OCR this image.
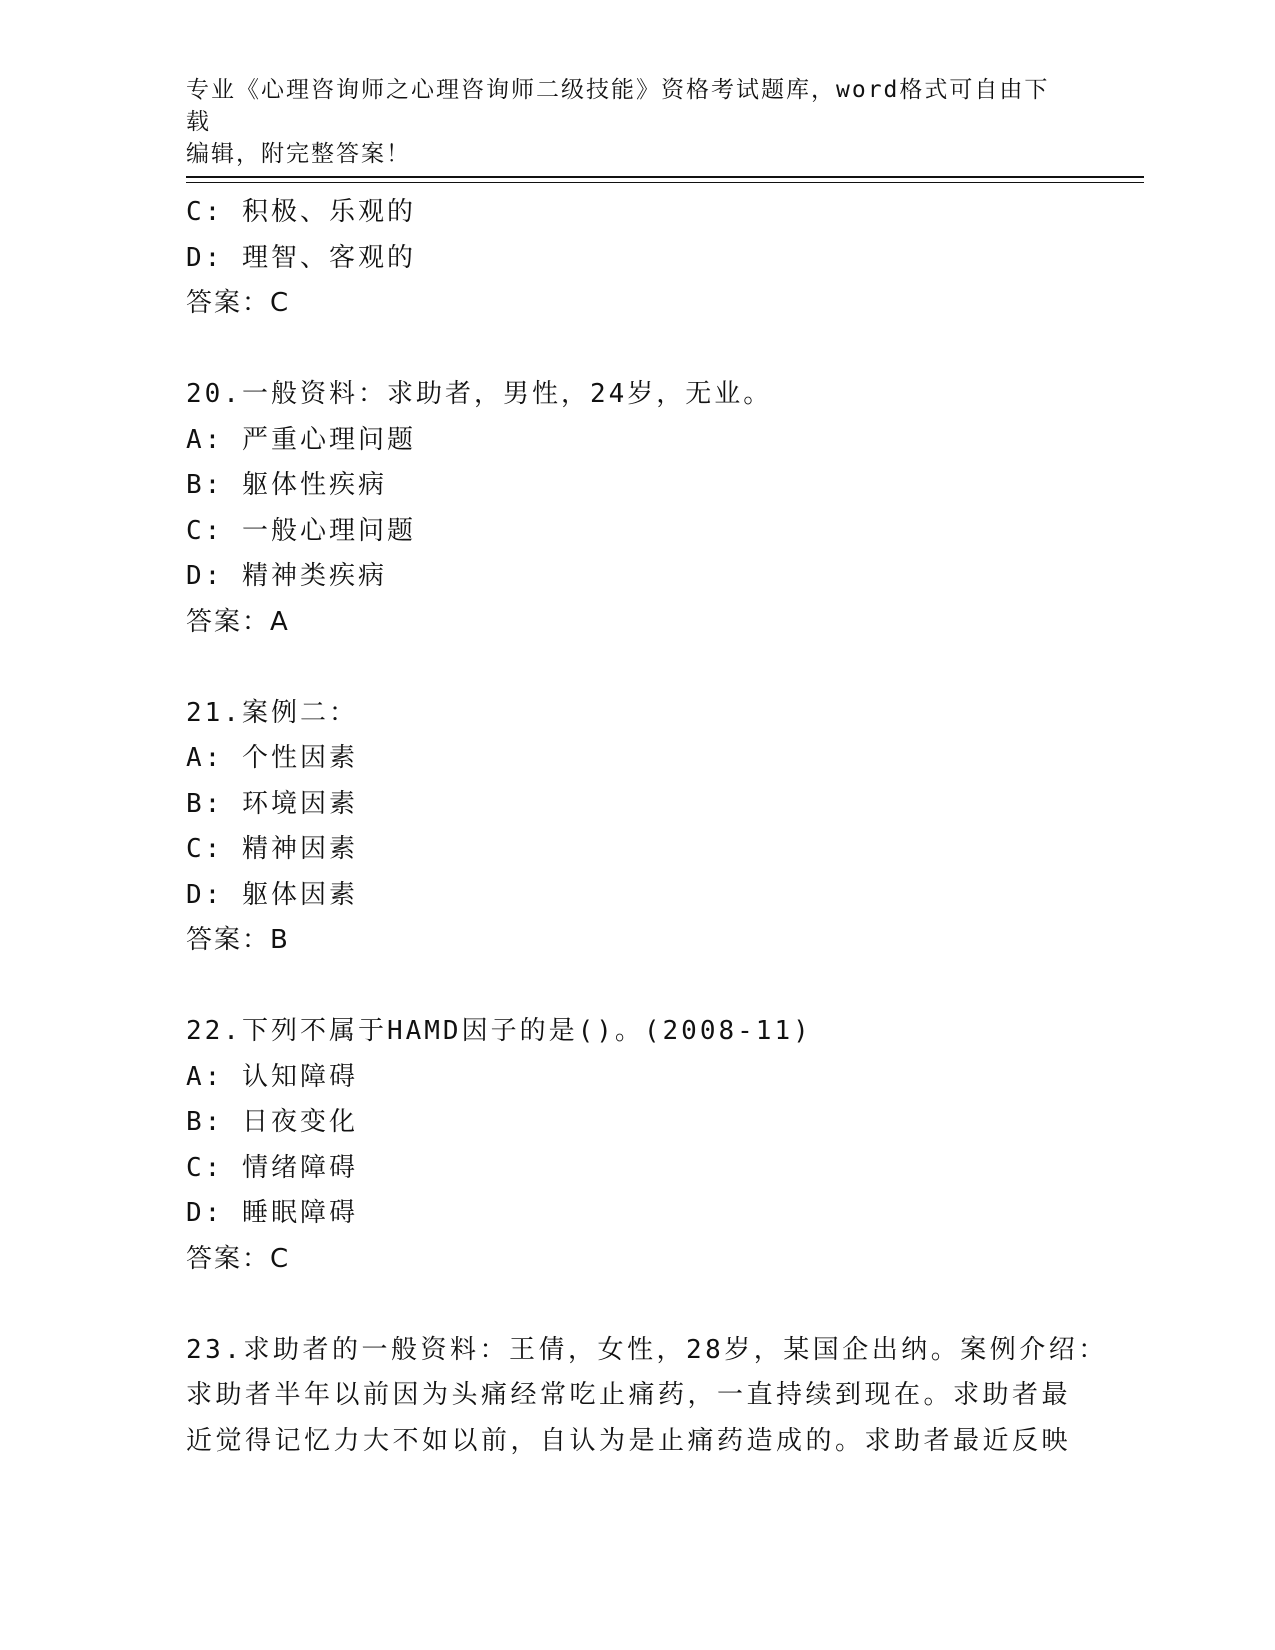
专业《心理咨询师之心理咨询师二级技能》资格考试题库，word格式可自由下载
编辑，附完整答案！
C: 积极、乐观的
D: 理智、客观的
答案：C
20.一般资料：求助者，男性，24岁，无业。
A: 严重心理问题
B: 躯体性疾病
C: 一般心理问题
D: 精神类疾病
答案：A
21.案例二：
A: 个性因素
B: 环境因素
C: 精神因素
D: 躯体因素
答案：B
22.下列不属于HAMD因子的是()。(2008-11)
A: 认知障碍
B: 日夜变化
C: 情绪障碍
D: 睡眠障碍
答案：C
23.求助者的一般资料：王倩，女性，28岁，某国企出纳。案例介绍：
求助者半年以前因为头痛经常吃止痛药，一直持续到现在。求助者最
近觉得记忆力大不如以前，自认为是止痛药造成的。求助者最近反映
